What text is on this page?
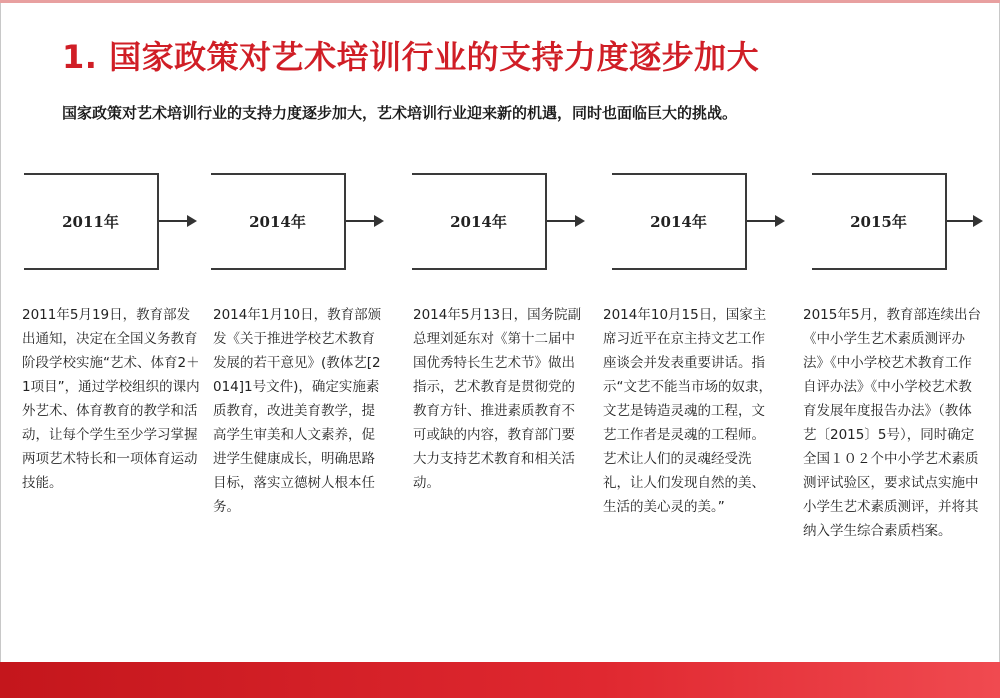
1. 国家政策对艺术培训行业的支持力度逐步加大
国家政策对艺术培训行业的支持力度逐步加大，艺术培训行业迎来新的机遇，同时也面临巨大的挑战。
2011年
2011年5月19日，教育部发出通知，决定在全国义务教育阶段学校实施“艺术、体育2＋1项目”，通过学校组织的课内外艺术、体育教育的教学和活动，让每个学生至少学习掌握两项艺术特长和一项体育运动技能。
2014年
2014年1月10日，教育部颁发《关于推进学校艺术教育发展的若干意见》(教体艺[2014]1号文件)，确定实施素质教育，改进美育教学，提高学生审美和人文素养，促进学生健康成长，明确思路目标，落实立德树人根本任务。
2014年
2014年5月13日，国务院副总理刘延东对《第十二届中国优秀特长生艺术节》做出指示，艺术教育是贯彻党的教育方针、推进素质教育不可或缺的内容，教育部门要大力支持艺术教育和相关活动。
2014年
2014年10月15日，国家主席习近平在京主持文艺工作座谈会并发表重要讲话。指示“文艺不能当市场的奴隶，文艺是铸造灵魂的工程，文艺工作者是灵魂的工程师。艺术让人们的灵魂经受洗礼，让人们发现自然的美、生活的美心灵的美。”
2015年
2015年5月，教育部连续出台《中小学生艺术素质测评办法》《中小学校艺术教育工作自评办法》《中小学校艺术教育发展年度报告办法》（教体艺〔2015〕5号），同时确定全国１０２个中小学艺术素质测评试验区，要求试点实施中小学生艺术素质测评，并将其纳入学生综合素质档案。
